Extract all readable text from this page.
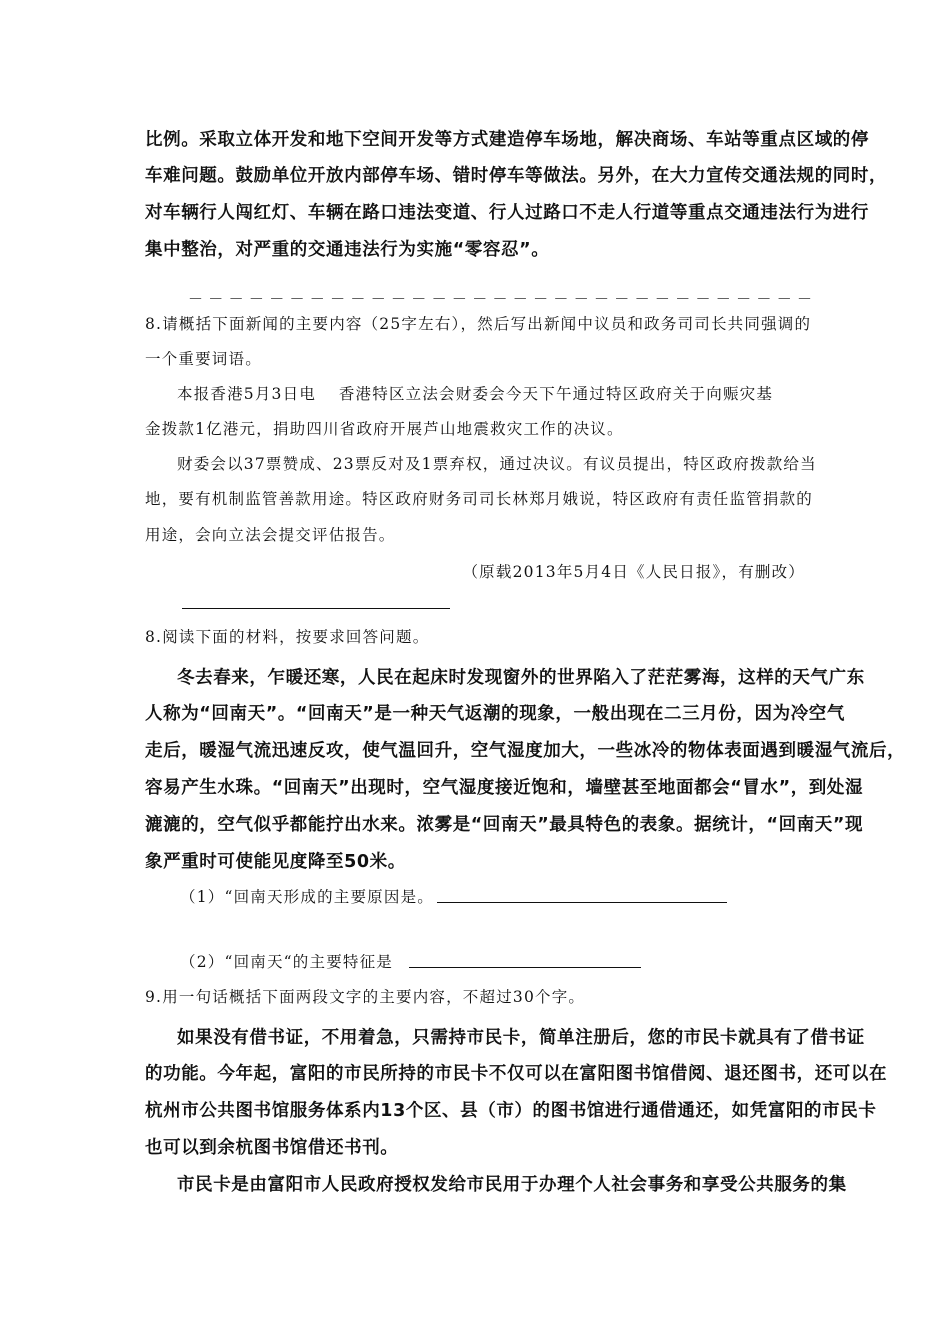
比例。采取立体开发和地下空间开发等方式建造停车场地，解决商场、车站等重点区域的停
车难问题。鼓励单位开放内部停车场、错时停车等做法。另外，在大力宣传交通法规的同时，
对车辆行人闯红灯、车辆在路口违法变道、行人过路口不走人行道等重点交通违法行为进行
集中整治，对严重的交通违法行为实施“零容忍”。
－－－－－－－－－－－－－－－－－－－－－－－－－－－－－－－
8.请概括下面新闻的主要内容（25字左右），然后写出新闻中议员和政务司司长共同强调的
一个重要词语。
本报香港5月3日电　 香港特区立法会财委会今天下午通过特区政府关于向赈灾基
金拨款1亿港元，捐助四川省政府开展芦山地震救灾工作的决议。
财委会以37票赞成、23票反对及1票弃权，通过决议。有议员提出，特区政府拨款给当
地，要有机制监管善款用途。特区政府财务司司长林郑月娥说，特区政府有责任监管捐款的
用途，会向立法会提交评估报告。
（原载2013年5月4日《人民日报》，有删改）
8.阅读下面的材料，按要求回答问题。
冬去春来，乍暖还寒，人民在起床时发现窗外的世界陷入了茫茫雾海，这样的天气广东
人称为“回南天”。“回南天”是一种天气返潮的现象，一般出现在二三月份，因为冷空气
走后，暖湿气流迅速反攻，使气温回升，空气湿度加大，一些冰冷的物体表面遇到暖湿气流后，
容易产生水珠。“回南天”出现时，空气湿度接近饱和，墙壁甚至地面都会“冒水”，到处湿
漉漉的，空气似乎都能拧出水来。浓雾是“回南天”最具特色的表象。据统计，“回南天”现
象严重时可使能见度降至50米。
（1）“回南天形成的主要原因是。
（2）“回南天“的主要特征是
9.用一句话概括下面两段文字的主要内容，不超过30个字。
如果没有借书证，不用着急，只需持市民卡，简单注册后，您的市民卡就具有了借书证
的功能。今年起，富阳的市民所持的市民卡不仅可以在富阳图书馆借阅、退还图书，还可以在
杭州市公共图书馆服务体系内13个区、县（市）的图书馆进行通借通还，如凭富阳的市民卡
也可以到余杭图书馆借还书刊。
市民卡是由富阳市人民政府授权发给市民用于办理个人社会事务和享受公共服务的集
